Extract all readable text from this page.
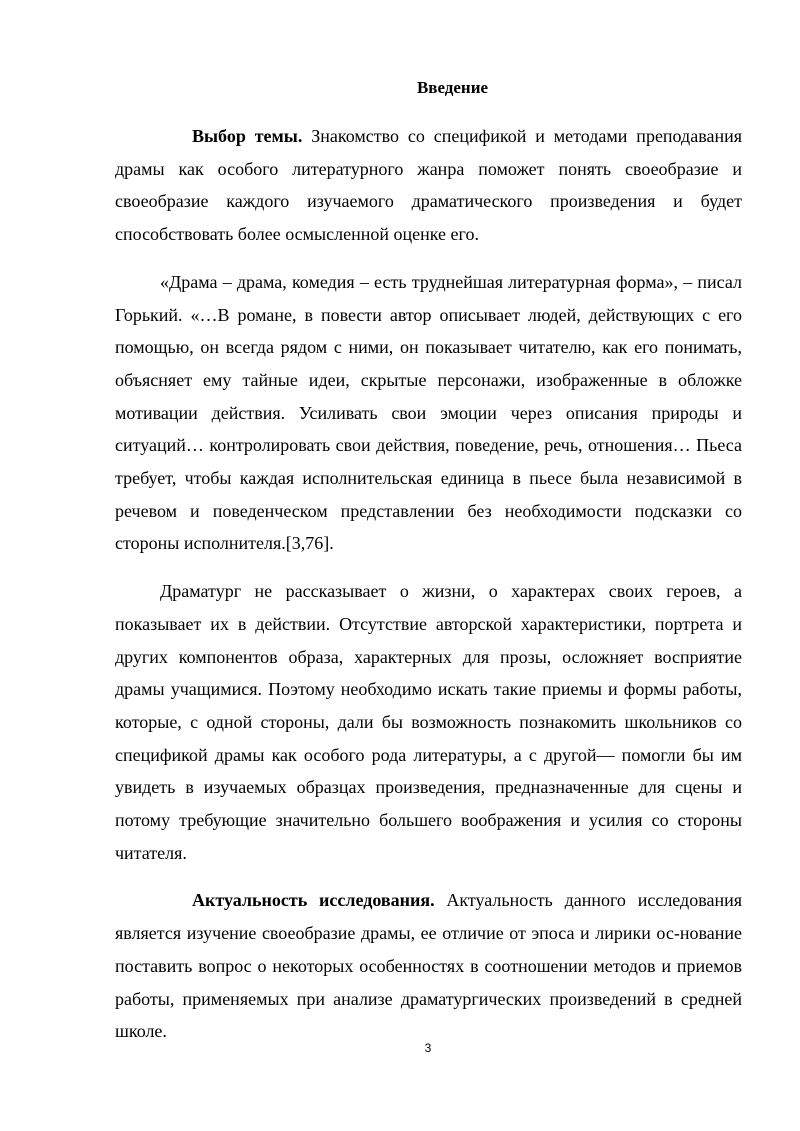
Введение

Выбор темы. Знакомство со спецификой и методами преподавания драмы как особого литературного жанра поможет понять своеобразие и своеобразие каждого изучаемого драматического произведения и будет способствовать более осмысленной оценке его.

«Драма – драма, комедия – есть труднейшая литературная форма», – писал Горький. «…В романе, в повести автор описывает людей, действующих с его помощью, он всегда рядом с ними, он показывает читателю, как его понимать, объясняет ему тайные идеи, скрытые персонажи, изображенные в обложке мотивации действия. Усиливать свои эмоции через описания природы и ситуаций… контролировать свои действия, поведение, речь, отношения… Пьеса требует, чтобы каждая исполнительская единица в пьесе была независимой в речевом и поведенческом представлении без необходимости подсказки со стороны исполнителя.[3,76].

Драматург не рассказывает о жизни, о характерах своих героев, а показывает их в действии. Отсутствие авторской характеристики, портрета и других компонентов образа, характерных для прозы, осложняет восприятие драмы учащимися. Поэтому необходимо искать такие приемы и формы работы, которые, с одной стороны, дали бы возможность познакомить школьников со спецификой драмы как особого рода литературы, а с другой— помогли бы им увидеть в изучаемых образцах произведения, предназначенные для сцены и потому требующие значительно большего воображения и усилия со стороны читателя.

Актуальность исследования. Актуальность данного исследования является изучение своеобразие драмы, ее отличие от эпоса и лирики ос-нование поставить вопрос о некоторых особенностях в соотношении методов и приемов работы, применяемых при анализе драматургических произведений в средней школе.

3
